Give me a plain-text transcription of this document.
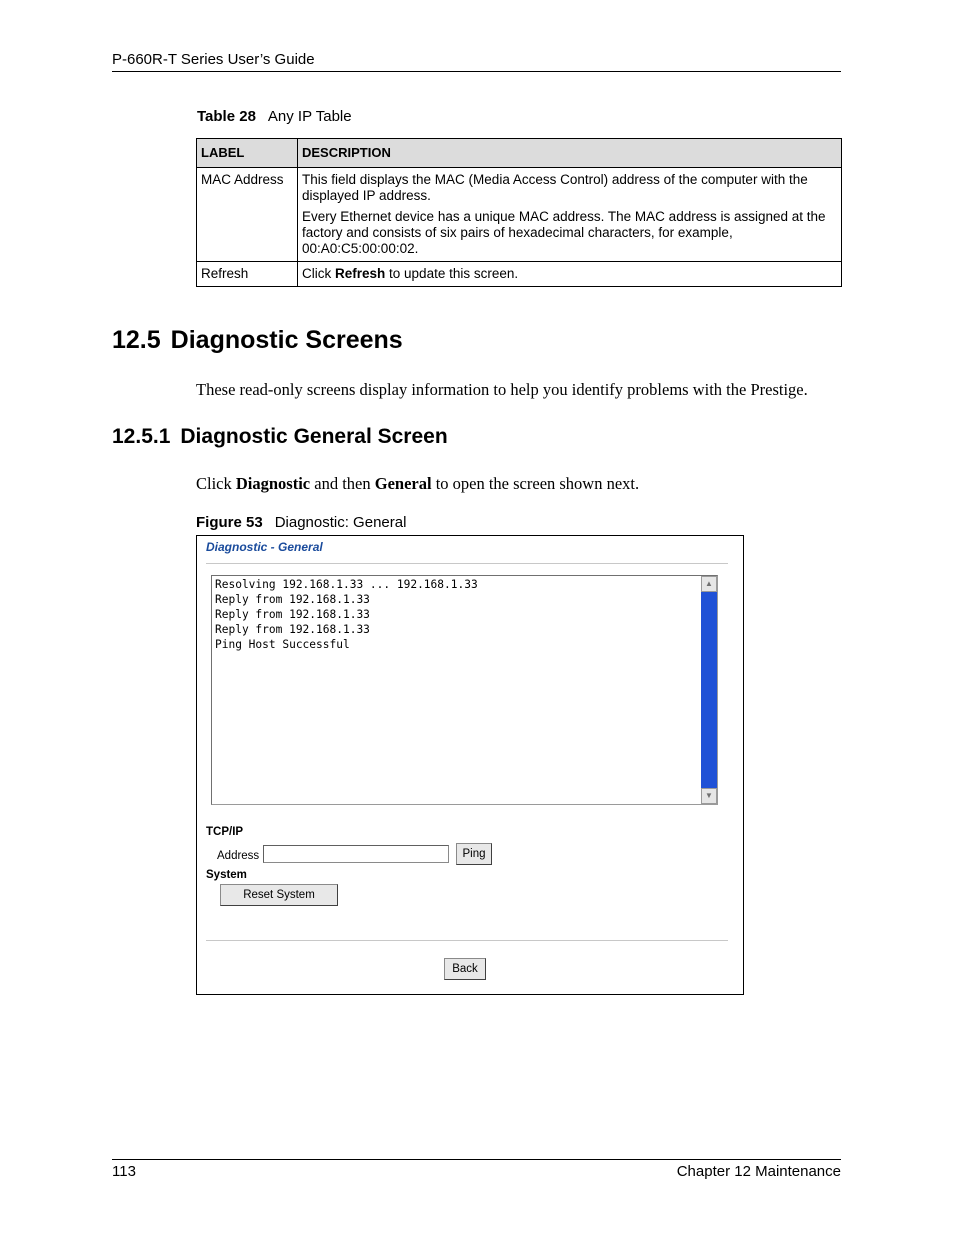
P-660R-T Series User’s Guide
Table 28 Any IP Table
LABEL	DESCRIPTION
MAC Address	This field displays the MAC (Media Access Control) address of the computer with the displayed IP address.

Every Ethernet device has a unique MAC address. The MAC address is assigned at the factory and consists of six pairs of hexadecimal characters, for example, 00:A0:C5:00:00:02.

Refresh	Click Refresh to update this screen.
12.5 Diagnostic Screens

These read-only screens display information to help you identify problems with the Prestige.

12.5.1 Diagnostic General Screen

Click Diagnostic and then General to open the screen shown next.

Figure 53 Diagnostic: General
Diagnostic - General
Resolving 192.168.1.33 ... 192.168.1.33
Reply from 192.168.1.33
Reply from 192.168.1.33
Reply from 192.168.1.33
Ping Host Successful
▲
▼
TCP/IP
Address	Ping
System
Reset System
Back
113	Chapter 12 Maintenance
